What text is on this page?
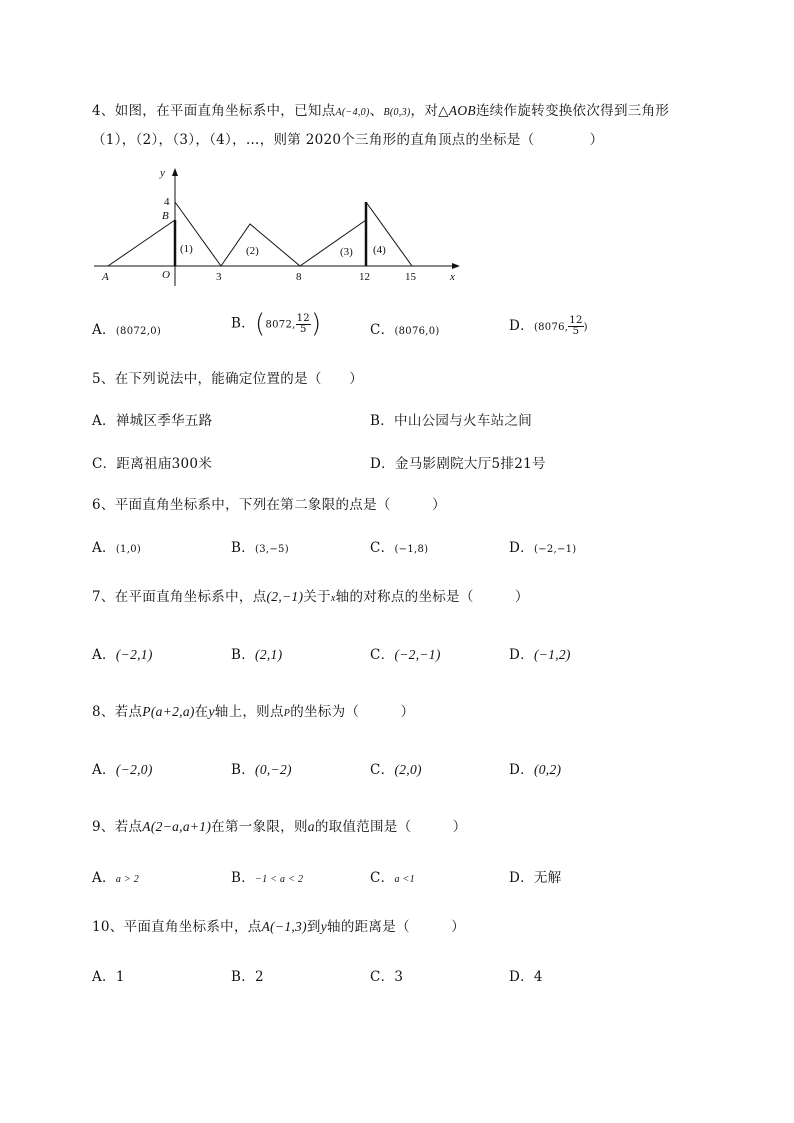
4、如图，在平面直角坐标系中，已知点A(−4,0)、B(0,3)，对△AOB连续作旋转变换依次得到三角形
（1），（2），（3），（4），…，则第 2020个三角形的直角顶点的坐标是（　　　　）
y
x
4
B
A	O	3	8	12	15
(1)	(2)	(3) (4)
A．(8072,0)	B．(8072, $\frac{12}{5}$ )	C．(8076,0)	D．(8076, $\frac{12}{5}$ )
5、在下列说法中，能确定位置的是（　　）
A．禅城区季华五路	B．中山公园与火车站之间
C．距离祖庙300米	D．金马影剧院大厅5排21号
6、平面直角坐标系中，下列在第二象限的点是（　　　）
A．(1,0)	B．(3,−5)	C．(−1,8)	D．(−2,−1)
7、在平面直角坐标系中，点(2,−1)关于x轴的对称点的坐标是（　　　）
A．(−2,1)	B．(2,1)	C．(−2,−1)	D．(−1,2)
8、若点P(a+2,a)在y轴上，则点P的坐标为（　　　）
A．(−2,0)	B．(0,−2)	C．(2,0)	D．(0,2)
9、若点A(2−a,a+1)在第一象限，则a的取值范围是（　　　）
A．a > 2	B．−1 < a < 2	C．a <1	D．无解
10、平面直角坐标系中，点A(−1,3)到y轴的距离是（　　　）
A．1	B．2	C．3	D．4
